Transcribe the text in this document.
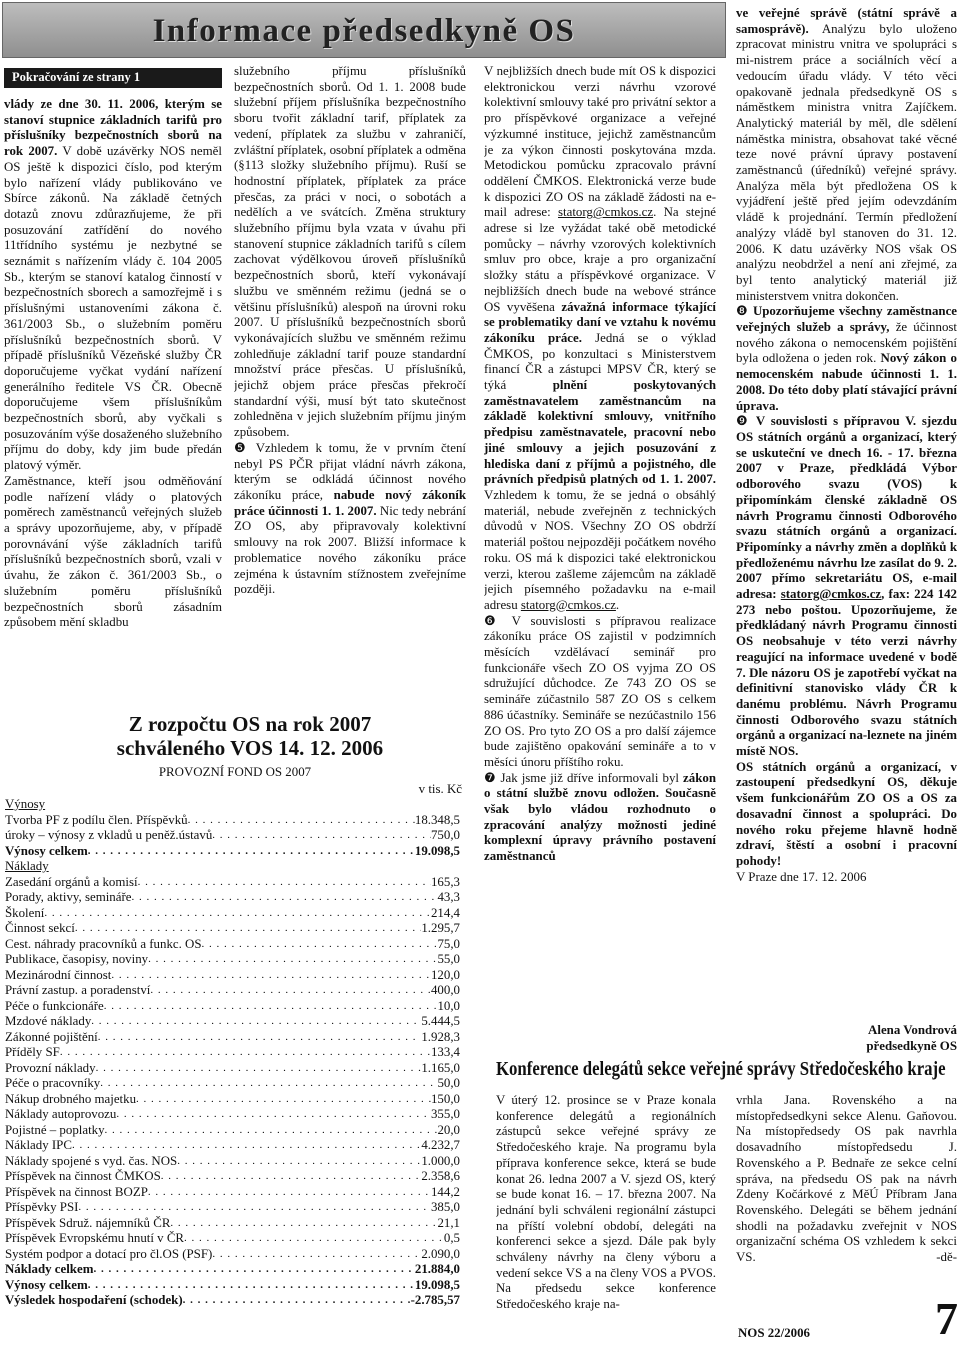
Informace předsedkyně OS
Pokračování ze strany 1

vlády ze dne 30. 11. 2006, kterým se stanoví stupnice základních tarifů pro příslušníky bezpečnostních sborů na rok 2007. V době uzávěrky NOS neměl OS ještě k dispozici číslo, pod kterým bylo nařízení vlády publikováno ve Sbírce zákonů. Na základě četných dotazů znovu zdůrazňujeme, že při posuzování zatřídění do nového 11třídního systému je nezbytné se seznámit s nařízením vlády č. 104 2005 Sb., kterým se stanoví katalog činností v bezpečnostních sborech a samozřejmě i s příslušnými ustanoveními zákona č. 361/2003 Sb., o služebním poměru příslušníků bezpečnostních sborů. V případě příslušníků Vězeňské služby ČR doporučujeme vyčkat vydání nařízení generálního ředitele VS ČR. Obecně doporučujeme všem příslušníkům bezpečnostních sborů, aby vyčkali s posuzováním výše dosaženého služebního příjmu do doby, kdy jim bude předán platový výměr.

Zaměstnance, kteří jsou odměňování podle nařízení vlády o platových poměrech zaměstnanců veřejných služeb a správy upozorňujeme, aby, v případě porovnávání výše základních tarifů příslušníků bezpečnostních sborů, vzali v úvahu, že zákon č. 361/2003 Sb., o služebním poměru příslušníků bezpečnostních sborů zásadním způsobem mění skladbu

služebního příjmu příslušníků bezpečnostních sborů. Od 1. 1. 2008 bude služební příjem příslušníka bezpečnostního sboru tvořit základní tarif, příplatek za vedení, příplatek za službu v zahraničí, zvláštní příplatek, osobní příplatek a odměna (§113 složky služebního příjmu). Ruší se hodnostní příplatek, příplatek za práce přesčas, za práci v noci, o sobotách a nedělích a ve svátcích. Změna struktury služebního příjmu byla vzata v úvahu při stanovení stupnice základních tarifů s cílem zachovat výdělkovou úroveň příslušníků bezpečnostních sborů, kteří vykonávají službu ve směnném režimu (jedná se o většinu příslušníků) alespoň na úrovni roku 2007. U příslušníků bezpečnostních sborů vykonávajících službu ve směnném režimu zohledňuje základní tarif pouze standardní množství práce přesčas. U příslušníků, jejichž objem práce přesčas překročí standardní výši, musí být tato skutečnost zohledněna v jejich služebním příjmu jiným způsobem.

❺ Vzhledem k tomu, že v prvním čtení nebyl PS PČR přijat vládní návrh zákona, kterým se odkládá účinnost nového zákoníku práce, nabude nový zákoník práce účinnosti 1. 1. 2007. Nic tedy nebrání ZO OS, aby připravovaly kolektivní smlouvy na rok 2007. Bližší informace k problematice nového zákoníku práce zejména k ústavním stížnostem zveřejníme později.

V nejbližších dnech bude mít OS k dispozici elektronickou verzi návrhu vzorové kolektivní smlouvy také pro privátní sektor a pro příspěvkové organizace a veřejné výzkumné instituce, jejichž zaměstnancům je za výkon činnosti poskytována mzda. Metodickou pomůcku zpracovalo právní oddělení ČMKOS. Elektronická verze bude k dispozici ZO OS na základě žádosti na e-mail adrese: statorg@cmkos.cz. Na stejné adrese si lze vyžádat také obě metodické pomůcky – návrhy vzorových kolektivních smluv pro obce, kraje a pro organizační složky státu a příspěvkové organizace. V nejbližších dnech bude na webové stránce OS vyvěšena závažná informace týkající se problematiky daní ve vztahu k novému zákoníku práce. Jedná se o výklad ČMKOS, po konzultaci s Ministerstvem financí ČR a zástupci MPSV ČR, který se týká plnění poskytovaných zaměstnavatelem zaměstnancům na základě kolektivní smlouvy, vnitřního předpisu zaměstnavatele, pracovní nebo jiné smlouvy a jejich posuzování z hlediska daní z příjmů a pojistného, dle právních předpisů platných od 1. 1. 2007. Vzhledem k tomu, že se jedná o obsáhlý materiál, nebude zveřejněn z technických důvodů v NOS. Všechny ZO OS obdrží materiál poštou nejpozději počátkem nového roku. OS má k dispozici také elektronickou verzi, kterou zašleme zájemcům na základě jejich písemného požadavku na e-mail adresu statorg@cmkos.cz.

❻ V souvislosti s přípravou realizace zákoníku práce OS zajistil v podzimních měsících vzdělávací seminář pro funkcionáře všech ZO OS vyjma ZO OS sdružující důchodce. Ze 743 ZO OS se semináře zúčastnilo 587 ZO OS s celkem 886 účastníky. Semináře se nezúčastnilo 156 ZO OS. Pro tyto ZO OS a pro další zájemce bude zajištěno opakování semináře a to v měsíci únoru příštího roku.

❼ Jak jsme již dříve informovali byl zákon o státní službě znovu odložen. Současně však bylo vládou rozhodnuto o zpracování analýzy možnosti jediné komplexní úpravy právního postavení zaměstnanců

ve veřejné správě (státní správě a samosprávě). Analýzu bylo uloženo zpracovat ministru vnitra ve spolupráci s mi-nistrem práce a sociálních věcí a vedoucím úřadu vlády. V této věci opakovaně jednala předsedkyně OS s náměstkem ministra vnitra Zajíčkem. Analytický materiál by měl, dle sdělení náměstka ministra, obsahovat také věcné teze nové právní úpravy postavení zaměstnanců (úředníků) veřejné správy. Analýza měla být předložena OS k vyjádření ještě před jejím odevzdáním vládě k projednání. Termín předložení analýzy vládě byl stanoven do 31. 12. 2006. K datu uzávěrky NOS však OS analýzu neobdržel a není ani zřejmé, za byl tento analytický materiál již ministerstvem vnitra dokončen.

❽ Upozorňujeme všechny zaměstnance veřejných služeb a správy, že účinnost nového zákona o nemocenském pojištění byla odložena o jeden rok. Nový zákon o nemocenském nabude účinnosti 1. 1. 2008. Do této doby platí stávající právní úprava.

❾ V souvislosti s přípravou V. sjezdu OS státních orgánů a organizací, který se uskuteční ve dnech 16. - 17. března 2007 v Praze, předkládá Výbor odborového svazu (VOS) k připomínkám členské základně OS návrh Programu činnosti Odborového svazu státních orgánů a organizací. Připomínky a návrhy změn a doplňků k předloženému návrhu lze zasílat do 9. 2. 2007 přímo sekretariátu OS, e-mail adresa: statorg@cmkos.cz, fax: 224 142 273 nebo poštou. Upozorňujeme, že předkládaný návrh Programu činnosti OS neobsahuje v této verzi návrhy reagující na informace uvedené v bodě 7. Dle názoru OS je zapotřebí vyčkat na definitivní stanovisko vlády ČR k danému problému. Návrh Programu činnosti Odborového svazu státních orgánů a organizací na-leznete na jiném místě NOS.

OS státních orgánů a organizací, v zastoupení předsedkyní OS, děkuje všem funkcionářům ZO OS a OS za dosavadní činnost a spolupráci. Do nového roku přejeme hlavně hodně zdraví, štěstí a osobní i pracovní pohody!

V Praze dne 17. 12. 2006

Alena Vondrová
předsedkyně OS
Z rozpočtu OS na rok 2007
schváleného VOS 14. 12. 2006
PROVOZNÍ FOND OS 2007
v tis. Kč
Výnosy
Tvorba PF z podílu člen. Příspěvků . . .	18.348,5
úroky – výnosy z vkladů u peněž.ústavů . . .	750,0
Výnosy celkem . . .	19.098,5
Náklady
Zasedání orgánů a komisí . . .	165,3
Porady, aktivy, semináře . . .	43,3
Školení . . .	214,4
Činnost sekcí . . .	1.295,7
Cest. náhrady pracovníků a funkc. OS . . .	75,0
Publikace, časopisy, noviny . . .	55,0
Mezinárodní činnost . . .	120,0
Právní zastup. a poradenství . . .	400,0
Péče o funkcionáře . . .	10,0
Mzdové náklady . . .	5.444,5
Zákonné pojištění . . .	1.928,3
Příděly SF . . .	133,4
Provozní náklady . . .	1.165,0
Péče o pracovníky . . .	50,0
Nákup drobného majetku . . .	150,0
Náklady autoprovozu . . .	355,0
Pojistné – poplatky . . .	20,0
Náklady IPC . . .	4.232,7
Náklady spojené s vyd. čas. NOS . . .	1.000,0
Příspěvek na činnost ČMKOS . . .	2.358,6
Příspěvek na činnost BOZP . . .	144,2
Příspěvky PSI . . .	385,0
Příspěvek Sdruž. nájemníků ČR . . .	21,1
Příspěvek Evropskému hnutí v ČR . . .	0,5
Systém podpor a dotací pro čl.OS (PSF) . . .	2.090,0
Náklady celkem . . .	21.884,0
Výnosy celkem . . .	19.098,5
Výsledek hospodaření (schodek) . . .	-2.785,57
Konference delegátů sekce veřejné správy Středočeského kraje
V úterý 12. prosince se v Praze konala konference delegátů a regionálních zástupců sekce veřejné správy ze Středočeského kraje. Na programu byla příprava konference sekce, která se bude konat 26. ledna 2007 a V. sjezd OS, který se bude konat 16. – 17. března 2007. Na jednání byli schváleni regionální zástupci na příští volební období, delegáti na konferenci sekce a sjezd. Dále pak byly schváleny návrhy na členy výboru a vedení sekce VS a na členy VOS a PVOS. Na předsedu sekce konference Středočeského kraje na-
vrhla Jana. Rovenského a na místopředsedkyni sekce Alenu. Gaňovou. Na místopředsedy OS pak navrhla dosavadního místopředsedu J. Rovenského a P. Bednaře ze sekce celní správa, na předsedu OS pak na návrh Zdeny Kočárkové z MěÚ Příbram Jana Rovenského. Delegáti se během jednání shodli na požadavku zveřejnit v NOS organizační schéma OS vzhledem k sekci VS.	-dě-
NOS 22/2006	7
